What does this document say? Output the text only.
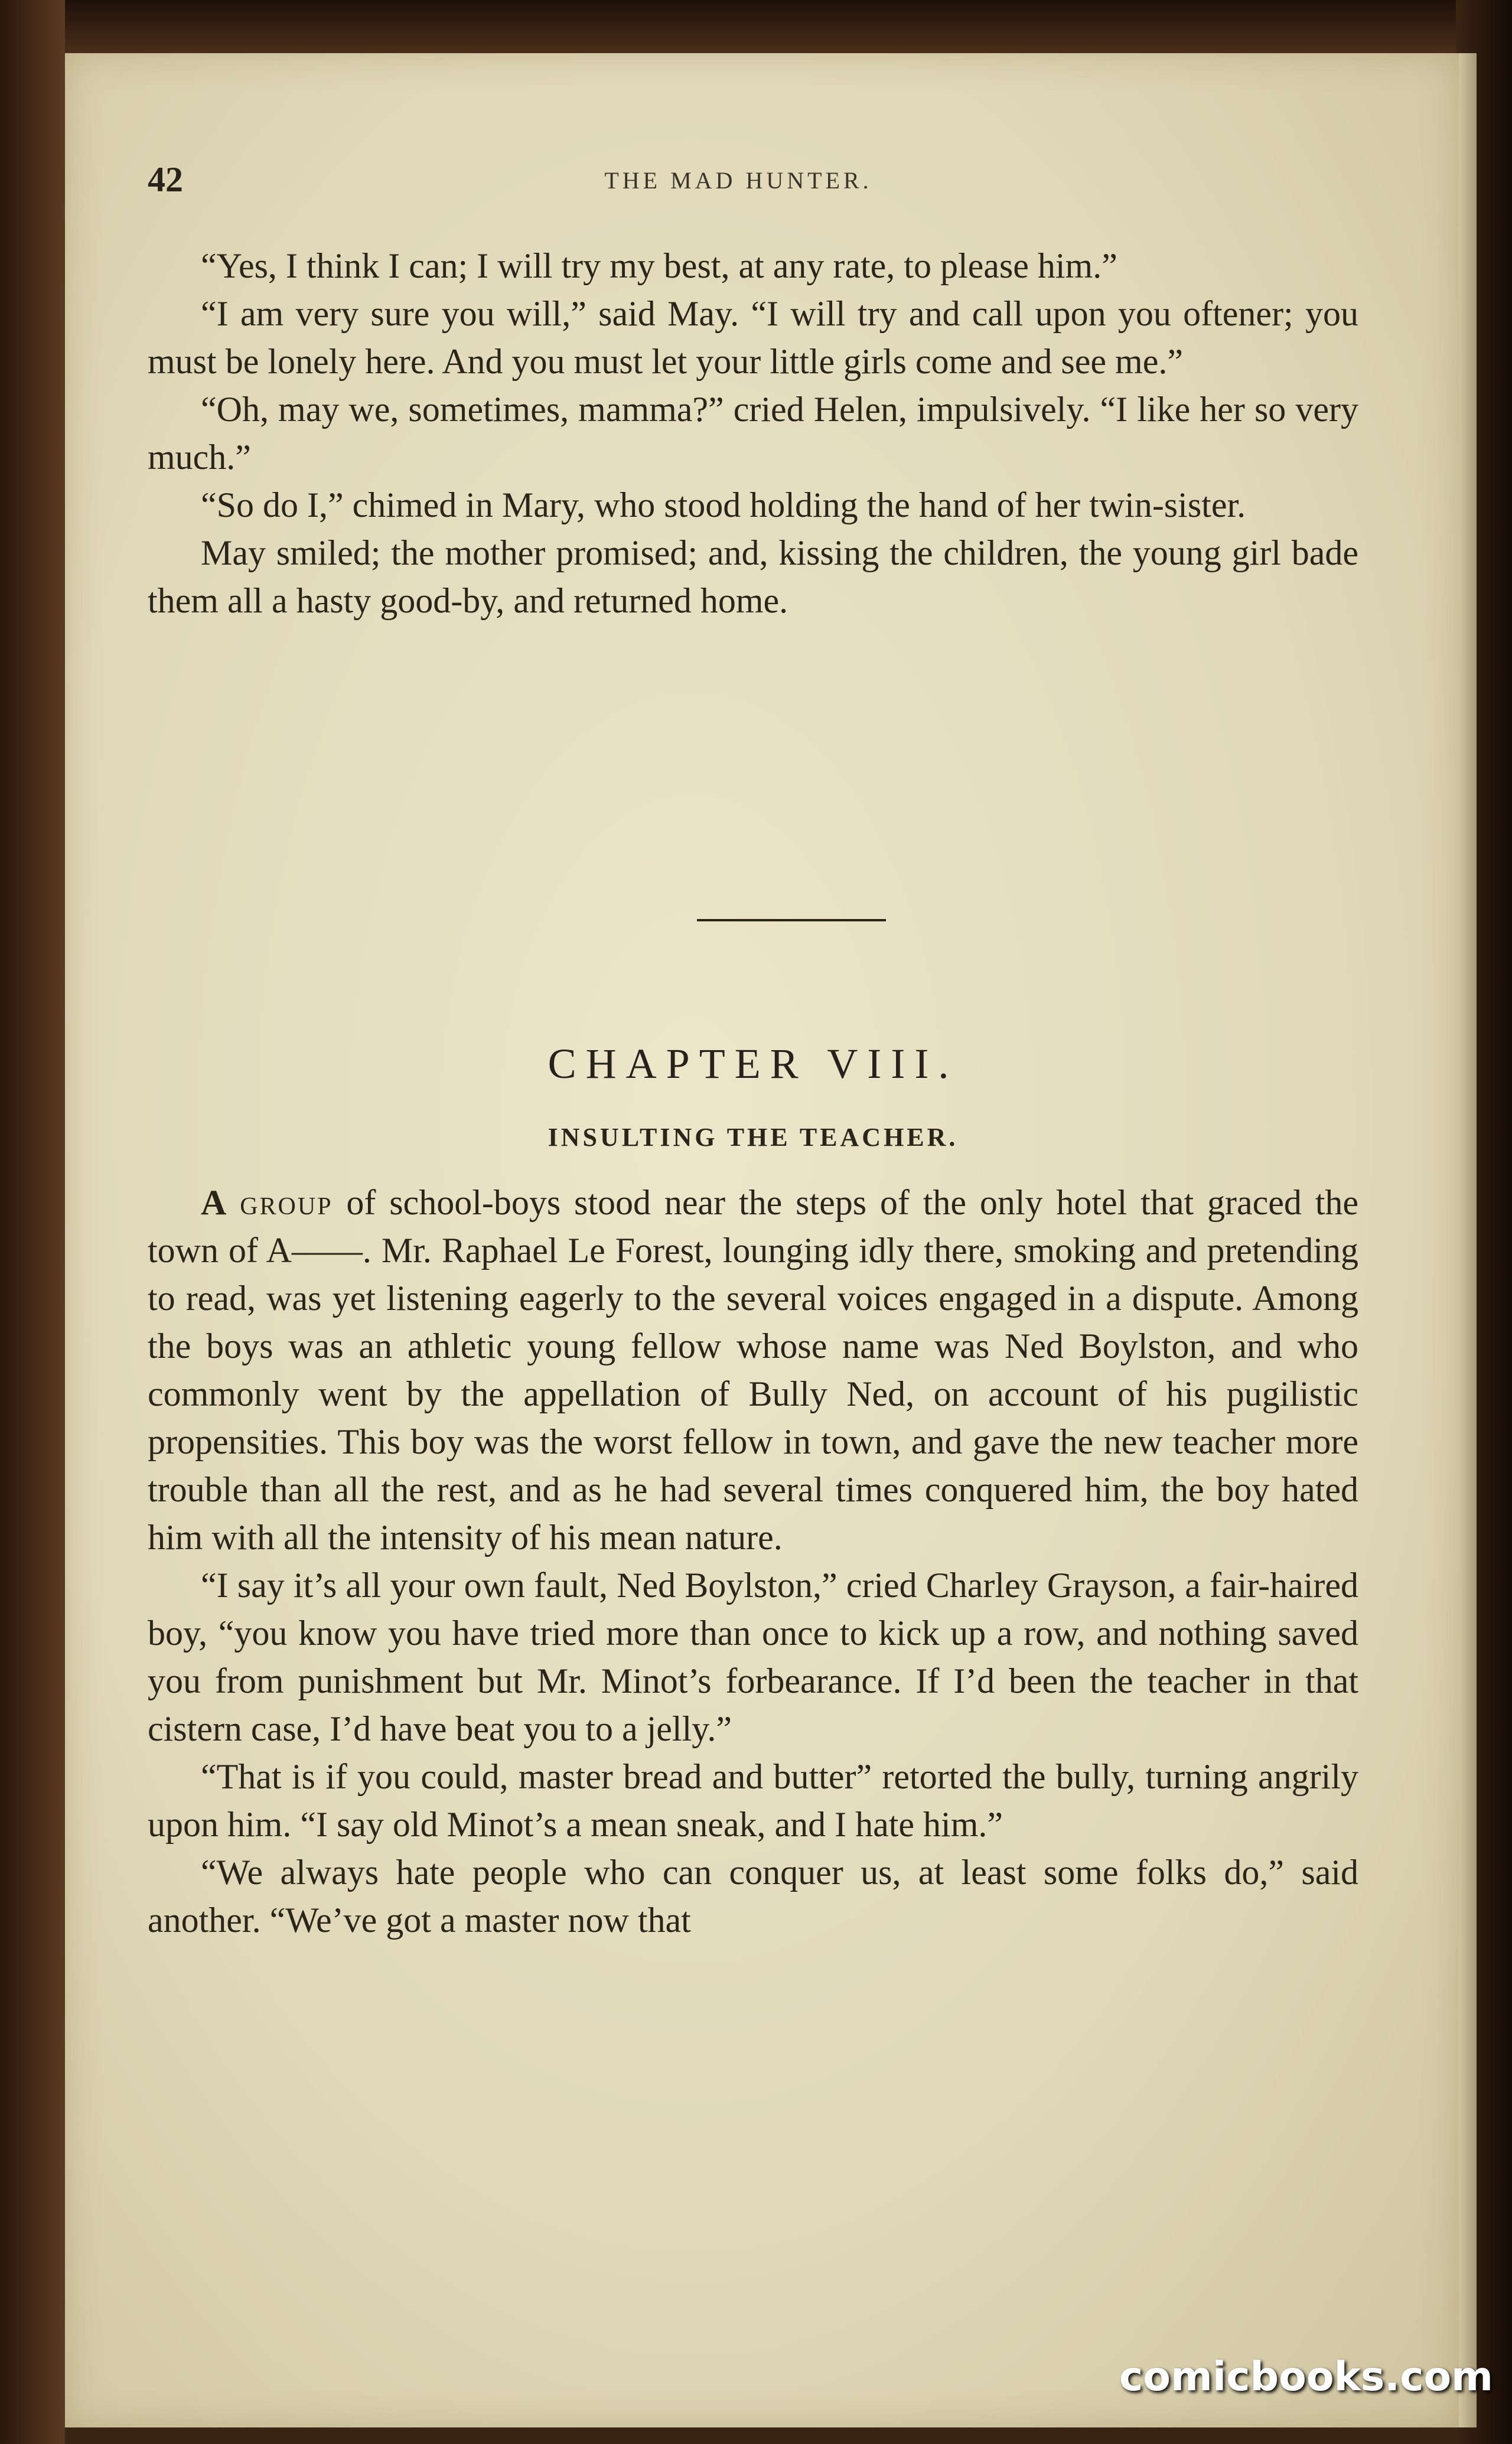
42	THE MAD HUNTER.

“Yes, I think I can; I will try my best, at any rate, to please him.”

“I am very sure you will,” said May. “I will try and call upon you oftener; you must be lonely here. And you must let your little girls come and see me.”

“Oh, may we, sometimes, mamma?” cried Helen, impulsively. “I like her so very much.”

“So do I,” chimed in Mary, who stood holding the hand of her twin-sister.

May smiled; the mother promised; and, kissing the children, the young girl bade them all a hasty good-by, and returned home.

CHAPTER VIII.
INSULTING THE TEACHER.

A group of school-boys stood near the steps of the only hotel that graced the town of A——. Mr. Raphael Le Forest, lounging idly there, smoking and pretending to read, was yet listening eagerly to the several voices engaged in a dispute. Among the boys was an athletic young fellow whose name was Ned Boylston, and who commonly went by the appellation of Bully Ned, on account of his pugilistic propensities. This boy was the worst fellow in town, and gave the new teacher more trouble than all the rest, and as he had several times conquered him, the boy hated him with all the intensity of his mean nature.

“I say it’s all your own fault, Ned Boylston,” cried Charley Grayson, a fair-haired boy, “you know you have tried more than once to kick up a row, and nothing saved you from punishment but Mr. Minot’s forbearance. If I’d been the teacher in that cistern case, I’d have beat you to a jelly.”

“That is if you could, master bread and butter” retorted the bully, turning angrily upon him. “I say old Minot’s a mean sneak, and I hate him.”

“We always hate people who can conquer us, at least some folks do,” said another. “We’ve got a master now that

comicbooks.com
